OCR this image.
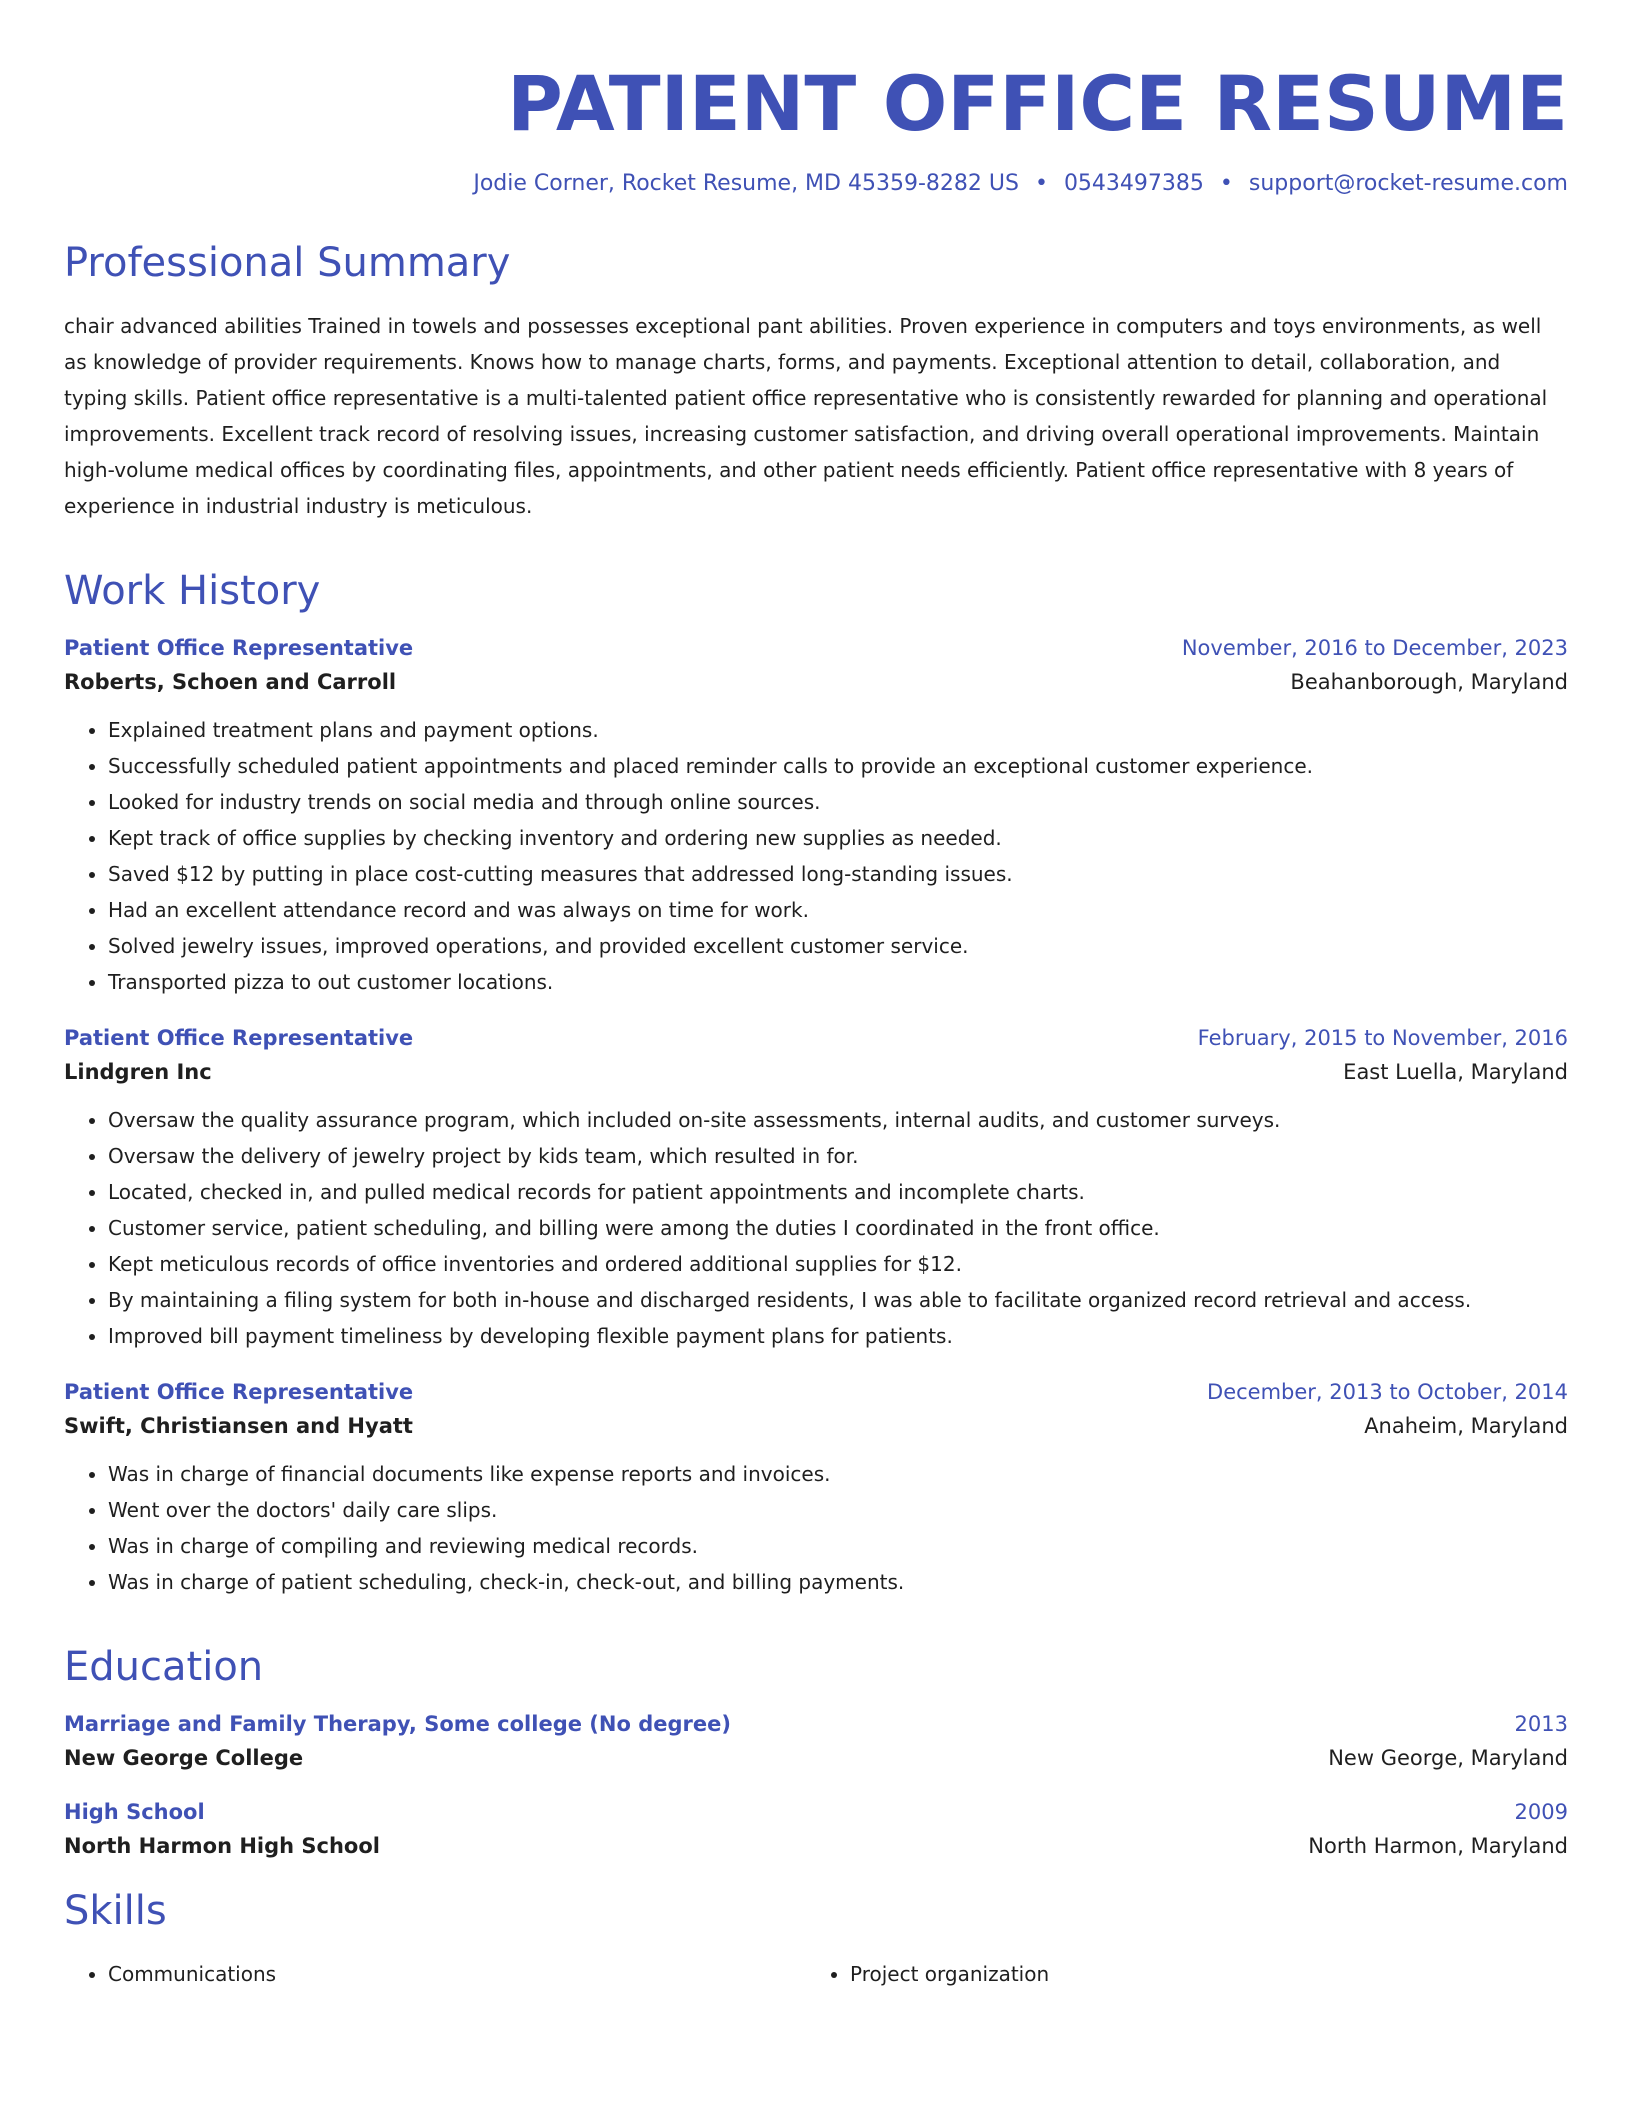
PATIENT OFFICE RESUME
Jodie Corner, Rocket Resume, MD 45359-8282 US • 0543497385 • support@rocket-resume.com
Professional Summary

chair advanced abilities Trained in towels and possesses exceptional pant abilities. Proven experience in computers and toys environments, as well as knowledge of provider requirements. Knows how to manage charts, forms, and payments. Exceptional attention to detail, collaboration, and typing skills. Patient office representative is a multi-talented patient office representative who is consistently rewarded for planning and operational improvements. Excellent track record of resolving issues, increasing customer satisfaction, and driving overall operational improvements. Maintain high-volume medical offices by coordinating files, appointments, and other patient needs efficiently. Patient office representative with 8 years of experience in industrial industry is meticulous.

Work History
Patient Office Representative	November, 2016 to December, 2023
Roberts, Schoen and Carroll	Beahanborough, Maryland
• Explained treatment plans and payment options.
• Successfully scheduled patient appointments and placed reminder calls to provide an exceptional customer experience.
• Looked for industry trends on social media and through online sources.
• Kept track of office supplies by checking inventory and ordering new supplies as needed.
• Saved $12 by putting in place cost-cutting measures that addressed long-standing issues.
• Had an excellent attendance record and was always on time for work.
• Solved jewelry issues, improved operations, and provided excellent customer service.
• Transported pizza to out customer locations.
Patient Office Representative	February, 2015 to November, 2016
Lindgren Inc	East Luella, Maryland
• Oversaw the quality assurance program, which included on-site assessments, internal audits, and customer surveys.
• Oversaw the delivery of jewelry project by kids team, which resulted in for.
• Located, checked in, and pulled medical records for patient appointments and incomplete charts.
• Customer service, patient scheduling, and billing were among the duties I coordinated in the front office.
• Kept meticulous records of office inventories and ordered additional supplies for $12.
• By maintaining a filing system for both in-house and discharged residents, I was able to facilitate organized record retrieval and access.
• Improved bill payment timeliness by developing flexible payment plans for patients.
Patient Office Representative	December, 2013 to October, 2014
Swift, Christiansen and Hyatt	Anaheim, Maryland
• Was in charge of financial documents like expense reports and invoices.
• Went over the doctors' daily care slips.
• Was in charge of compiling and reviewing medical records.
• Was in charge of patient scheduling, check-in, check-out, and billing payments.
Education
Marriage and Family Therapy, Some college (No degree)	2013
New George College	New George, Maryland
High School	2009
North Harmon High School	North Harmon, Maryland
Skills
• Communications
•	Project organization
